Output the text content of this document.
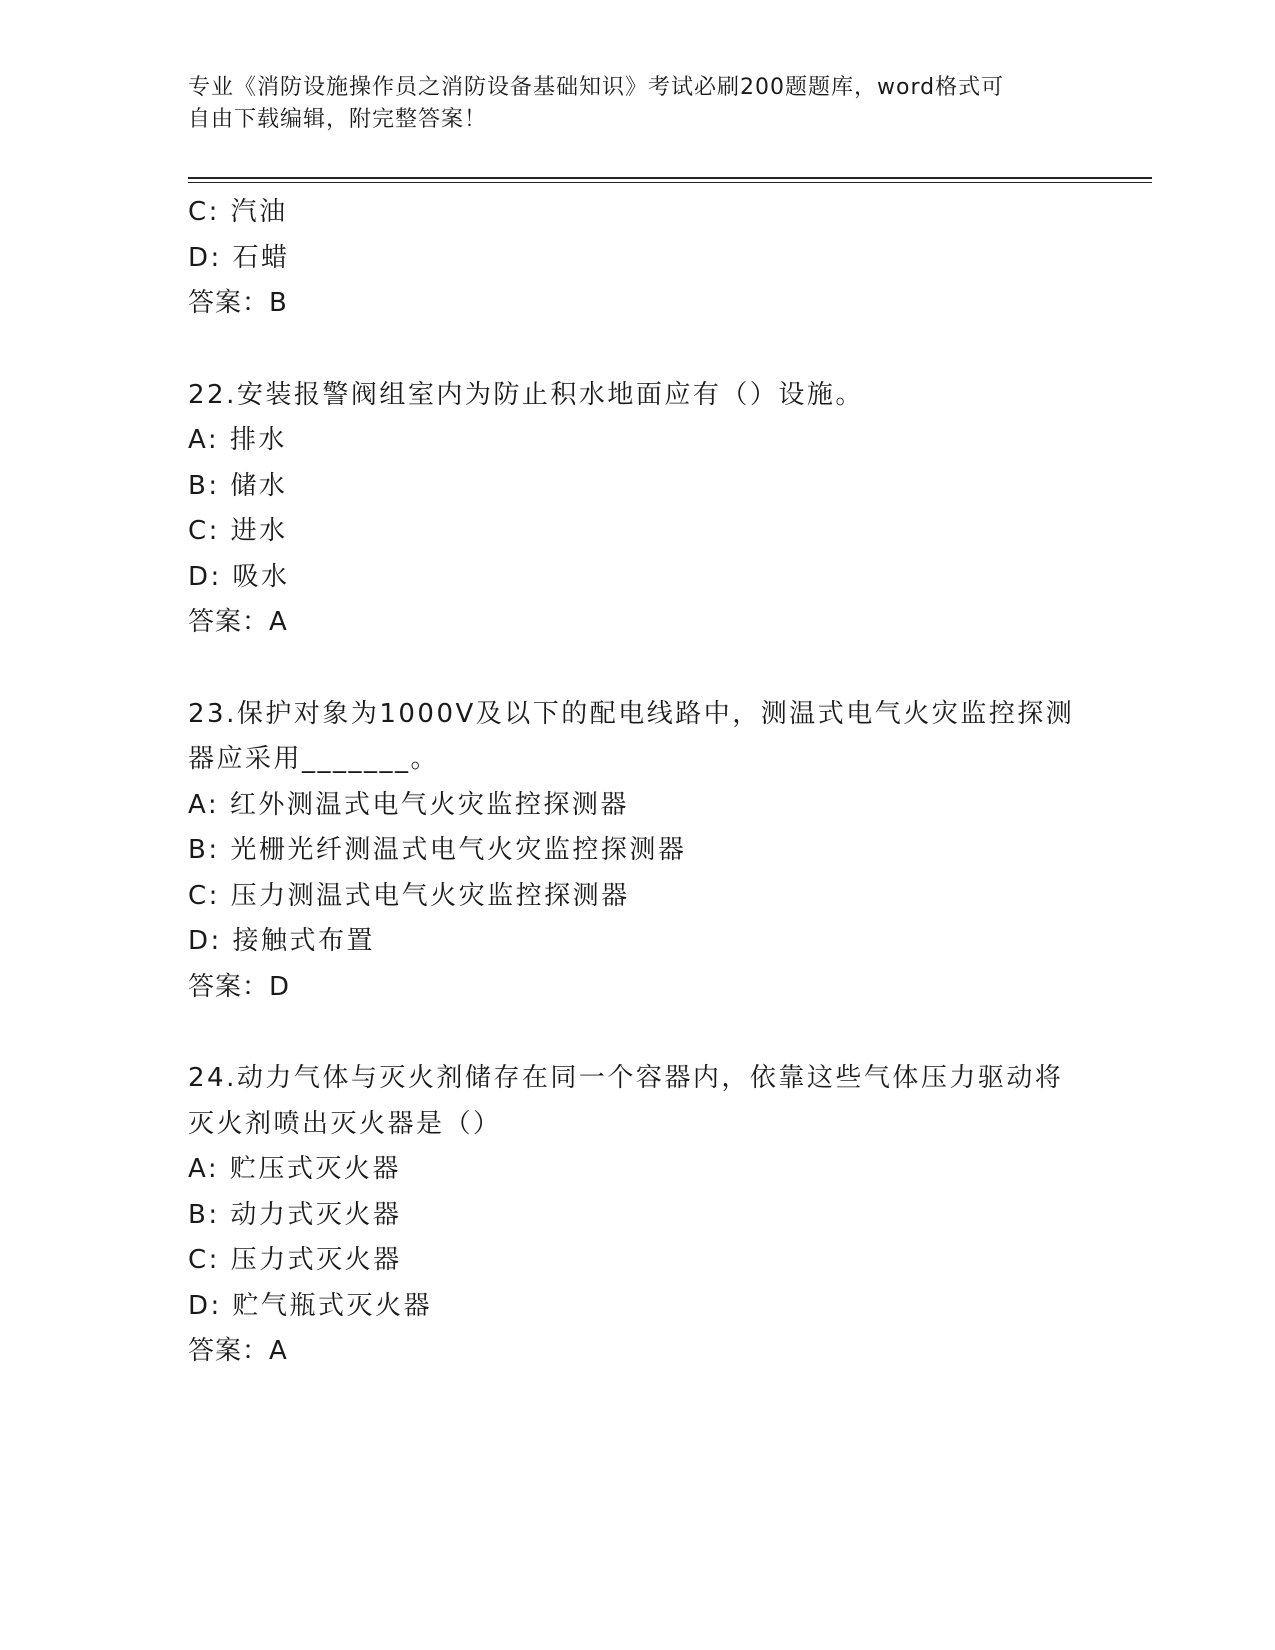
专业《消防设施操作员之消防设备基础知识》考试必刷200题题库，word格式可
自由下载编辑，附完整答案！
C: 汽油
D: 石蜡
答案：B
22.安装报警阀组室内为防止积水地面应有（）设施。
A: 排水
B: 储水
C: 进水
D: 吸水
答案：A
23.保护对象为1000V及以下的配电线路中，测温式电气火灾监控探测
器应采用_______。
A: 红外测温式电气火灾监控探测器
B: 光栅光纤测温式电气火灾监控探测器
C: 压力测温式电气火灾监控探测器
D: 接触式布置
答案：D
24.动力气体与灭火剂储存在同一个容器内，依靠这些气体压力驱动将
灭火剂喷出灭火器是（）
A: 贮压式灭火器
B: 动力式灭火器
C: 压力式灭火器
D: 贮气瓶式灭火器
答案：A
